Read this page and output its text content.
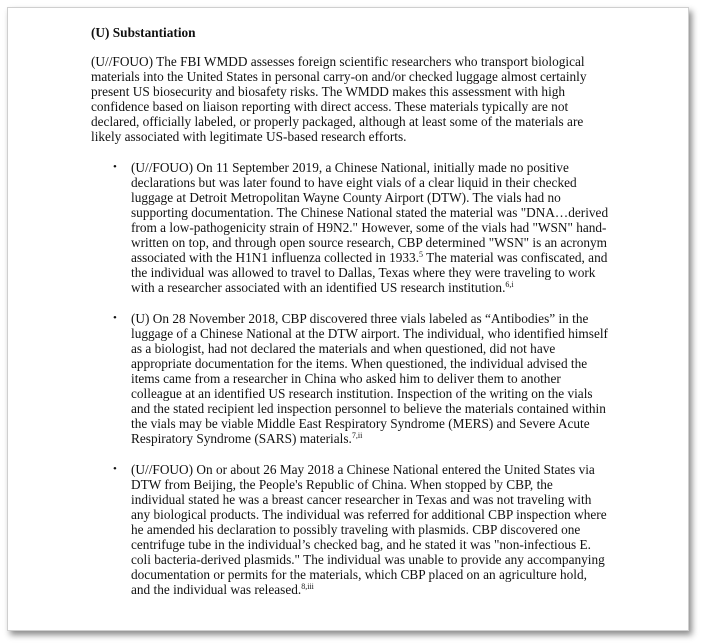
(U) Substantiation
(U//FOUO) The FBI WMDD assesses foreign scientific researchers who transport biological
materials into the United States in personal carry-on and/or checked luggage almost certainly
present US biosecurity and biosafety risks. The WMDD makes this assessment with high
confidence based on liaison reporting with direct access. These materials typically are not
declared, officially labeled, or properly packaged, although at least some of the materials are
likely associated with legitimate US-based research efforts.
• (U//FOUO) On 11 September 2019, a Chinese National, initially made no positive
declarations but was later found to have eight vials of a clear liquid in their checked
luggage at Detroit Metropolitan Wayne County Airport (DTW). The vials had no
supporting documentation. The Chinese National stated the material was "DNA…derived
from a low-pathogenicity strain of H9N2." However, some of the vials had "WSN" hand-
written on top, and through open source research, CBP determined "WSN" is an acronym
associated with the H1N1 influenza collected in 1933.$^5$ The material was confiscated, and
the individual was allowed to travel to Dallas, Texas where they were traveling to work
with a researcher associated with an identified US research institution.$^{6,i}$
• (U) On 28 November 2018, CBP discovered three vials labeled as “Antibodies” in the
luggage of a Chinese National at the DTW airport. The individual, who identified himself
as a biologist, had not declared the materials and when questioned, did not have
appropriate documentation for the items. When questioned, the individual advised the
items came from a researcher in China who asked him to deliver them to another
colleague at an identified US research institution. Inspection of the writing on the vials
and the stated recipient led inspection personnel to believe the materials contained within
the vials may be viable Middle East Respiratory Syndrome (MERS) and Severe Acute
Respiratory Syndrome (SARS) materials.$^{7,ii}$
• (U//FOUO) On or about 26 May 2018 a Chinese National entered the United States via
DTW from Beijing, the People's Republic of China. When stopped by CBP, the
individual stated he was a breast cancer researcher in Texas and was not traveling with
any biological products. The individual was referred for additional CBP inspection where
he amended his declaration to possibly traveling with plasmids. CBP discovered one
centrifuge tube in the individual’s checked bag, and he stated it was "non-infectious E.
coli bacteria-derived plasmids." The individual was unable to provide any accompanying
documentation or permits for the materials, which CBP placed on an agriculture hold,
and the individual was released.$^{8,iii}$
